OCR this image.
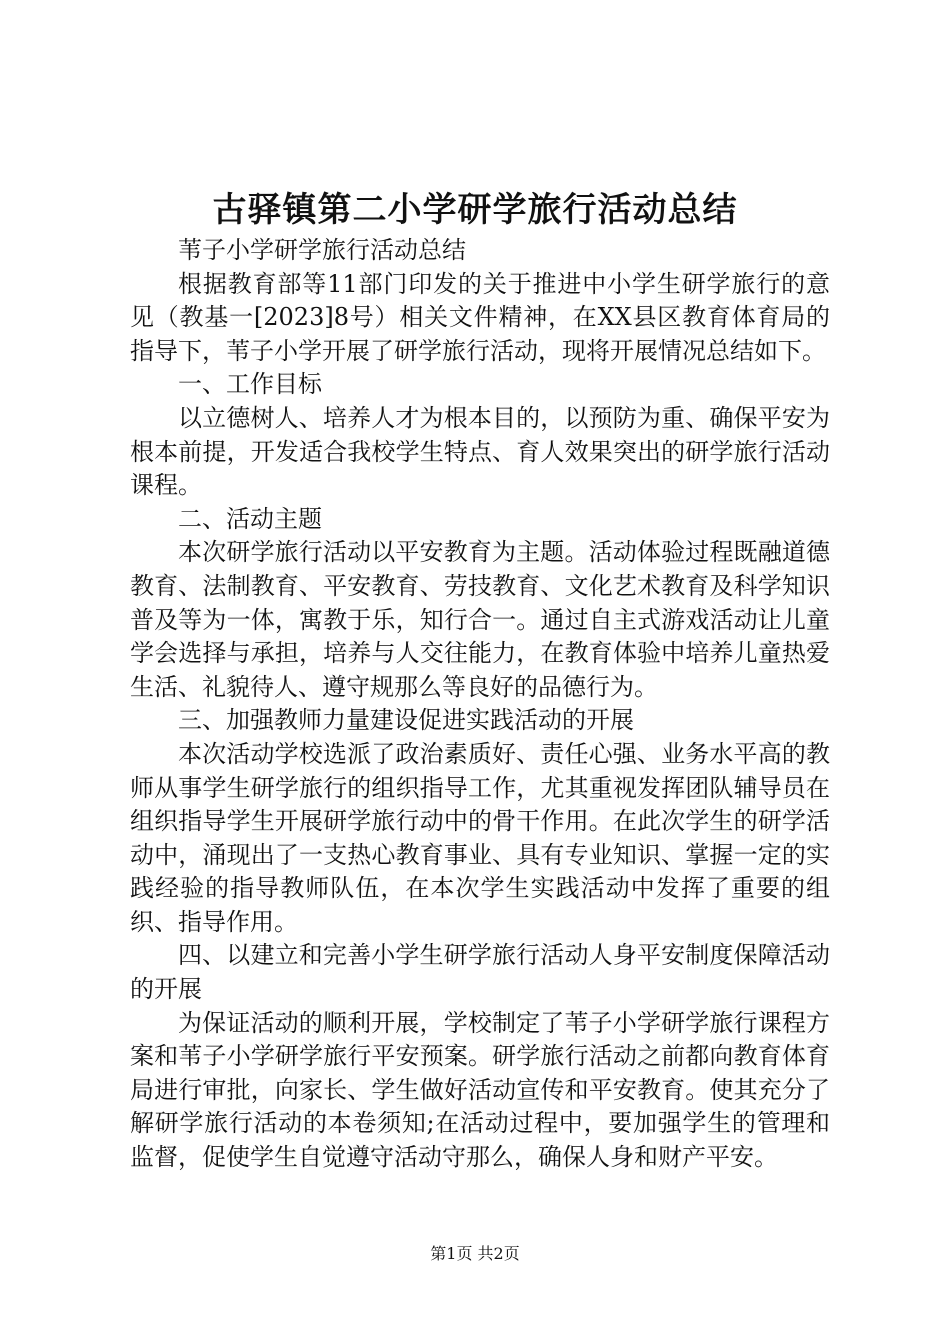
古驿镇第二小学研学旅行活动总结

苇子小学研学旅行活动总结

根据教育部等11部门印发的关于推进中小学生研学旅行的意见（教基一[2023]8号）相关文件精神，在XX县区教育体育局的指导下，苇子小学开展了研学旅行活动，现将开展情况总结如下。

一、工作目标

以立德树人、培养人才为根本目的，以预防为重、确保平安为根本前提，开发适合我校学生特点、育人效果突出的研学旅行活动课程。

二、活动主题

本次研学旅行活动以平安教育为主题。活动体验过程既融道德教育、法制教育、平安教育、劳技教育、文化艺术教育及科学知识普及等为一体，寓教于乐，知行合一。通过自主式游戏活动让儿童学会选择与承担，培养与人交往能力，在教育体验中培养儿童热爱生活、礼貌待人、遵守规那么等良好的品德行为。

三、加强教师力量建设促进实践活动的开展

本次活动学校选派了政治素质好、责任心强、业务水平高的教师从事学生研学旅行的组织指导工作，尤其重视发挥团队辅导员在组织指导学生开展研学旅行动中的骨干作用。在此次学生的研学活动中，涌现出了一支热心教育事业、具有专业知识、掌握一定的实践经验的指导教师队伍，在本次学生实践活动中发挥了重要的组织、指导作用。

四、以建立和完善小学生研学旅行活动人身平安制度保障活动的开展

为保证活动的顺利开展，学校制定了苇子小学研学旅行课程方案和苇子小学研学旅行平安预案。研学旅行活动之前都向教育体育局进行审批，向家长、学生做好活动宣传和平安教育。使其充分了解研学旅行活动的本卷须知;在活动过程中，要加强学生的管理和监督，促使学生自觉遵守活动守那么，确保人身和财产平安。

第1页 共2页
